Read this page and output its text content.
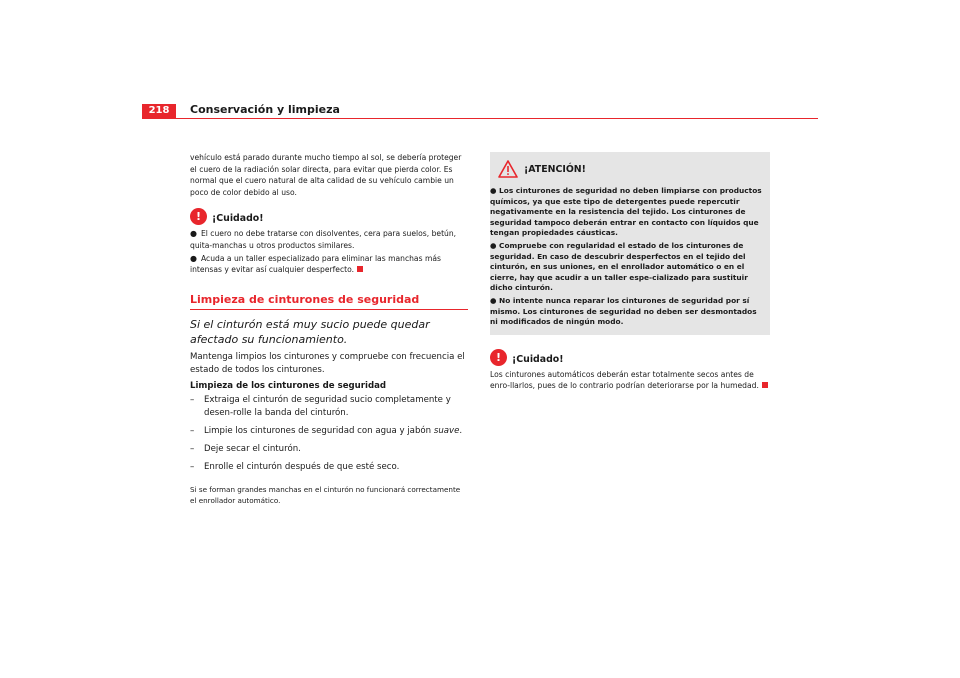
218	Conservación y limpieza

vehículo está parado durante mucho tiempo al sol, se debería proteger el cuero de la radiación solar directa, para evitar que pierda color. Es normal que el cuero natural de alta calidad de su vehículo cambie un poco de color debido al uso.

!	¡Cuidado!

● El cuero no debe tratarse con disolventes, cera para suelos, betún, quita-manchas u otros productos similares.

● Acuda a un taller especializado para eliminar las manchas más intensas y evitar así cualquier desperfecto.

Limpieza de cinturones de seguridad
Si el cinturón está muy sucio puede quedar afectado su funcionamiento.

Mantenga limpios los cinturones y compruebe con frecuencia el estado de todos los cinturones.

Limpieza de los cinturones de seguridad

–	Extraiga el cinturón de seguridad sucio completamente y desen-rolle la banda del cinturón.
–	Limpie los cinturones de seguridad con agua y jabón suave.
–	Deje secar el cinturón.
–	Enrolle el cinturón después de que esté seco.

Si se forman grandes manchas en el cinturón no funcionará correctamente el enrollador automático.

¡ATENCIÓN!

● Los cinturones de seguridad no deben limpiarse con productos químicos, ya que este tipo de detergentes puede repercutir negativamente en la resistencia del tejido. Los cinturones de seguridad tampoco deberán entrar en contacto con líquidos que tengan propiedades cáusticas.

● Compruebe con regularidad el estado de los cinturones de seguridad. En caso de descubrir desperfectos en el tejido del cinturón, en sus uniones, en el enrollador automático o en el cierre, hay que acudir a un taller espe-cializado para sustituir dicho cinturón.

● No intente nunca reparar los cinturones de seguridad por sí mismo. Los cinturones de seguridad no deben ser desmontados ni modificados de ningún modo.

!	¡Cuidado!

Los cinturones automáticos deberán estar totalmente secos antes de enro-llarlos, pues de lo contrario podrían deteriorarse por la humedad.
